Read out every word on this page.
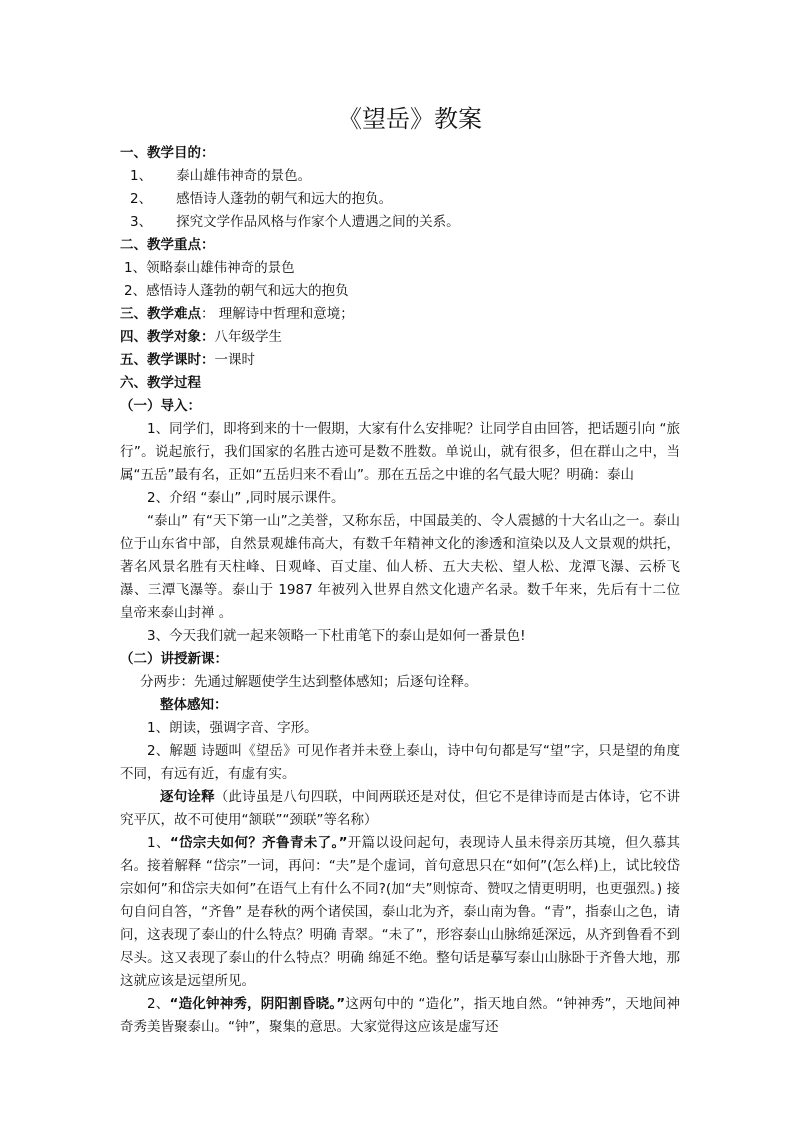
《望岳》教案
一、教学目的：
1、 泰山雄伟神奇的景色。
2、 感悟诗人蓬勃的朝气和远大的抱负。
3、 探究文学作品风格与作家个人遭遇之间的关系。
二、教学重点：
1、领略泰山雄伟神奇的景色
2、感悟诗人蓬勃的朝气和远大的抱负
三、教学难点： 理解诗中哲理和意境；
四、教学对象：八年级学生
五、教学课时：一课时
六、教学过程
（一）导入：
1、同学们，即将到来的十一假期，大家有什么安排呢？让同学自由回答，把话题引向 “旅行”。说起旅行，我们国家的名胜古迹可是数不胜数。单说山，就有很多，但在群山之中，当属“五岳”最有名，正如“五岳归来不看山”。那在五岳之中谁的名气最大呢？明确：泰山
2、介绍 “泰山” ,同时展示课件。
“泰山” 有“天下第一山”之美誉，又称东岳，中国最美的、令人震撼的十大名山之一。泰山位于山东省中部，自然景观雄伟高大，有数千年精神文化的渗透和渲染以及人文景观的烘托，著名风景名胜有天柱峰、日观峰、百丈崖、仙人桥、五大夫松、望人松、龙潭飞瀑、云桥飞瀑、三潭飞瀑等。泰山于 1987 年被列入世界自然文化遗产名录。数千年来，先后有十二位 皇帝来泰山封禅 。
3、今天我们就一起来领略一下杜甫笔下的泰山是如何一番景色!
（二）讲授新课：
分两步：先通过解题使学生达到整体感知；后逐句诠释。
整体感知：
1、朗读，强调字音、字形。
2、解题 诗题叫《望岳》可见作者并未登上泰山，诗中句句都是写“望”字，只是望的角度不同，有远有近，有虚有实。
逐句诠释（此诗虽是八句四联，中间两联还是对仗，但它不是律诗而是古体诗，它不讲究平仄，故不可使用“颔联”“颈联”等名称）
1、“岱宗夫如何？齐鲁青未了。”开篇以设问起句，表现诗人虽未得亲历其境，但久慕其名。接着解释 “岱宗”一词，再问：“夫”是个虚词，首句意思只在“如何”(怎么样)上，试比较岱宗如何”和岱宗夫如何”在语气上有什么不同?(加“夫”则惊奇、赞叹之情更明明，也更强烈。) 接句自问自答，“齐鲁” 是春秋的两个诸侯国，泰山北为齐，泰山南为鲁。“青”，指泰山之色，请问，这表现了泰山的什么特点？明确 青翠。“未了”，形容泰山山脉绵延深远，从齐到鲁看不到尽头。这又表现了泰山的什么特点？明确 绵延不绝。整句话是摹写泰山山脉卧于齐鲁大地，那这就应该是远望所见。
2、“造化钟神秀，阴阳割昏晓。”这两句中的 “造化”，指天地自然。“钟神秀”，天地间神奇秀美皆聚泰山。“钟”，聚集的意思。大家觉得这应该是虚写还
